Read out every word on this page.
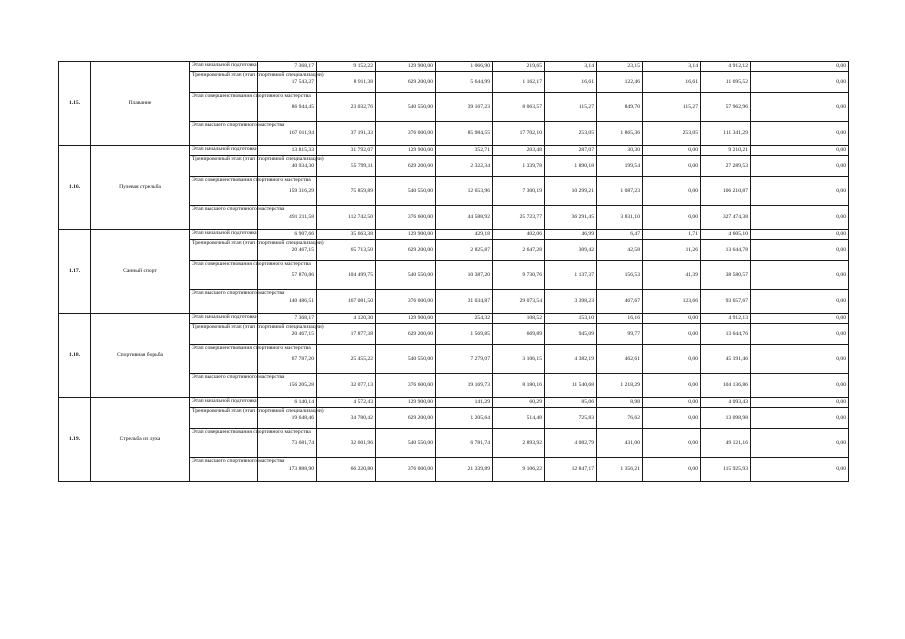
1.15.	Плавание	Этап начальной подготовки	7 368,17	9 152,22	129 900,00	1 066,90	219,65	3,14	23,15	3,14	4 912,12	0,00	
		Тренировочный этап (этап спортивной специализации)	17 543,27	8 911,38	629 200,00	5 644,99	1 162,17	16,61	122,46	16,61	11 695,52	0,00	
		Этап совершенствования спортивного мастерства	86 944,45	23 032,76	540 550,00	39 167,23	8 063,57	115,27	849,70	115,27	57 962,96	0,00	
		Этап высшего спортивного мастерства	167 011,94	37 191,33	376 600,00	85 984,55	17 702,10	253,05	1 865,36	253,05	111 341,29	0,00	
1.16.	Пулевая стрельба	Этап начальной подготовки	13 815,33	31 792,07	129 900,00	352,71	203,48	287,07	30,30	0,00	9 210,21	0,00	
		Тренировочный этап (этап спортивной специализации)	40 934,30	55 799,11	629 200,00	2 322,34	1 339,78	1 890,18	199,54	0,00	27 289,53	0,00	
		Этап совершенствования спортивного мастерства	159 316,29	75 859,89	540 550,00	12 653,96	7 300,19	10 299,21	1 087,23	0,00	106 210,87	0,00	
		Этап высшего спортивного мастерства	491 211,58	112 742,50	376 600,00	44 588,92	25 723,77	36 291,45	3 831,10	0,00	327 474,38	0,00	
1.17.	Санный спорт	Этап начальной подготовки	6 907,66	35 663,38	129 900,00	429,18	402,06	46,99	6,47	1,71	4 605,10	0,00	
		Тренировочный этап (этап спортивной специализации)	20 467,15	65 713,50	629 200,00	2 825,87	2 647,28	309,42	42,58	11,26	13 644,78	0,00	
		Этап совершенствования спортивного мастерства	57 870,86	104 499,75	540 550,00	10 387,20	9 730,76	1 137,37	156,53	41,39	38 580,57	0,00	
		Этап высшего спортивного мастерства	140 486,51	167 081,50	376 600,00	31 034,87	29 073,54	3 398,23	467,67	123,66	93 657,67	0,00	
1.18.	Спортивная борьба	Этап начальной подготовки	7 368,17	4 120,30	129 900,00	254,32	108,52	153,10	16,16	0,00	4 912,13	0,00	
		Тренировочный этап (этап спортивной специализации)	20 467,15	17 877,38	629 200,00	1 569,85	669,89	945,09	99,77	0,00	13 644,76	0,00	
		Этап совершенствования спортивного мастерства	67 787,20	25 455,22	540 550,00	7 279,07	3 106,15	4 382,19	462,61	0,00	45 191,46	0,00	
		Этап высшего спортивного мастерства	156 205,28	32 077,13	376 600,00	19 169,73	8 180,16	11 540,68	1 218,29	0,00	104 136,86	0,00	
1.19.	Стрельба из лука	Этап начальной подготовки	6 140,14	4 572,43	129 900,00	141,29	60,29	85,06	8,98	0,00	4 093,43	0,00	
		Тренировочный этап (этап спортивной специализации)	19 648,46	34 780,42	629 200,00	1 205,64	514,48	725,83	76,62	0,00	13 098,98	0,00	
		Этап совершенствования спортивного мастерства	73 681,74	32 601,96	540 550,00	6 781,74	2 893,92	4 082,79	431,00	0,00	49 121,16	0,00	
		Этап высшего спортивного мастерства	173 888,90	66 220,80	376 600,00	21 339,89	9 106,22	12 847,17	1 356,21	0,00	115 925,93	0,00	
